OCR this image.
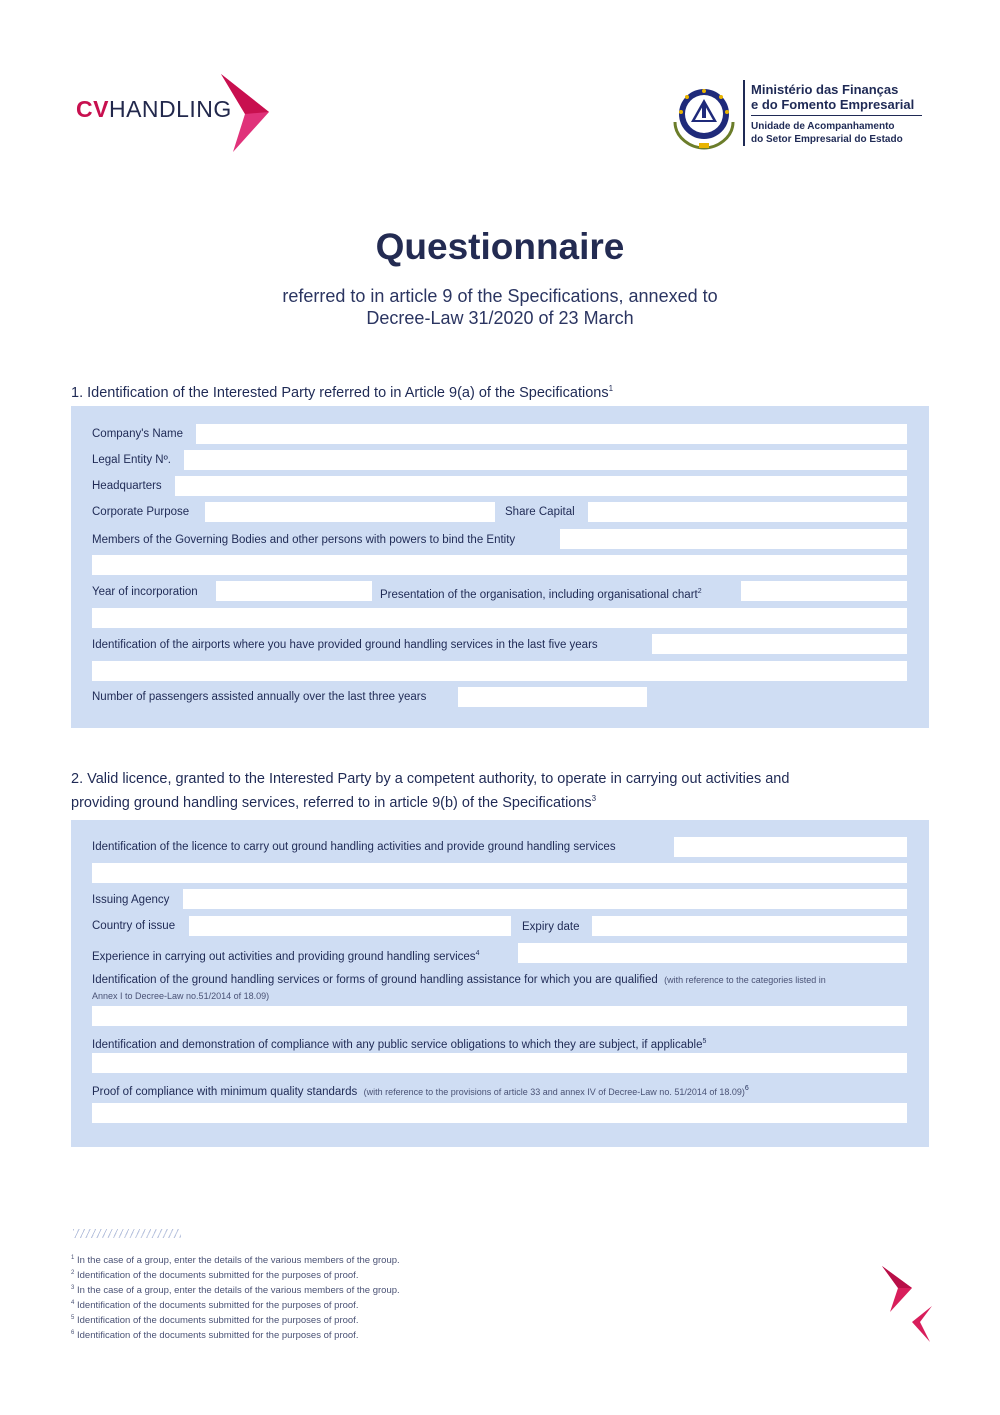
CVHANDLING
Ministério das Finanças
e do Fomento Empresarial
Unidade de Acompanhamento
do Setor Empresarial do Estado
Questionnaire
referred to in article 9 of the Specifications, annexed to
Decree-Law 31/2020 of 23 March
1. Identification of the Interested Party referred to in Article 9(a) of the Specifications$^1$
Company's Name
Legal Entity Nº.
Headquarters
Corporate Purpose	Share Capital
Members of the Governing Bodies and other persons with powers to bind the Entity
Year of incorporation	Presentation of the organisation, including organisational chart$^2$
Identification of the airports where you have provided ground handling services in the last five years
Number of passengers assisted annually over the last three years
2. Valid licence, granted to the Interested Party by a competent authority, to operate in carrying out activities and
providing ground handling services, referred to in article 9(b) of the Specifications$^3$
Identification of the licence to carry out ground handling activities and provide ground handling services
Issuing Agency
Country of issue	Expiry date
Experience in carrying out activities and providing ground handling services$^4$
Identification of the ground handling services or forms of ground handling assistance for which you are qualified (with reference to the categories listed in
Annex I to Decree-Law no.51/2014 of 18.09)
Identification and demonstration of compliance with any public service obligations to which they are subject, if applicable$^5$
Proof of compliance with minimum quality standards (with reference to the provisions of article 33 and annex IV of Decree-Law no. 51/2014 of 18.09)$^6$
$^1$ In the case of a group, enter the details of the various members of the group.
$^2$ Identification of the documents submitted for the purposes of proof.
$^3$ In the case of a group, enter the details of the various members of the group.
$^4$ Identification of the documents submitted for the purposes of proof.
$^5$ Identification of the documents submitted for the purposes of proof.
$^6$ Identification of the documents submitted for the purposes of proof.
